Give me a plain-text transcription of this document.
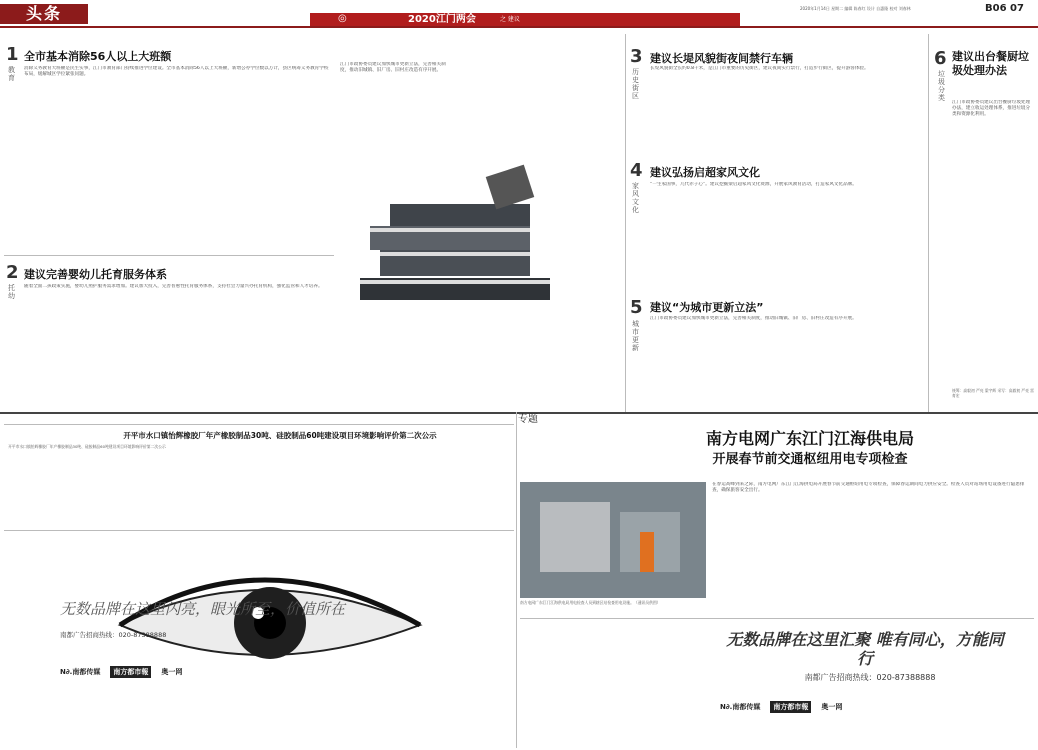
头条	2020年1月14日 星期二 编辑 陈春红 设计 自惠隆 校对 刘春林	B06 07
★ ◎	2020江门两会	之 建议
1
教育
全市基本消除56人以上大班额
消除义务教育大班额是民生实事，江门市教育部门持续推进学位建设。全市基本消除56人以上大班额，新增公办学位数以万计，县区统筹义务教育学校布局，缓解城区学位紧张问题。
2
托幼
建议完善婴幼儿托育服务体系
随着全面二孩政策实施，婴幼儿照护服务需求增加。建议加大投入，完善普惠性托育服务体系，支持社会力量兴办托育机构，强化监管和人才培养。
江门市政协委员建议加快城市更新立法，完善相关制度，推动旧城镇、旧厂房、旧村庄改造有序开展。
3
历史街区
建议长堤风貌街夜间禁行车辆
长堤风貌街全长约0.8千米，是江门市重要的历史街区，建议夜间实行禁行，打造步行街区，提升游客体验。
4
家风文化
建议弘扬启超家风文化
“一生家国事，几代赤子心”。建议挖掘梁启超家风文化资源，开展家风教育活动，打造家风文化品牌。
5
城市更新
建议“为城市更新立法”
江门市政协委员建议加快城市更新立法，完善相关制度，推动旧城镇、旧厂房、旧村庄改造有序开展。
6
垃圾分类
建议出台餐厨垃圾处理办法
江门市政协委员建议出台餐厨垃圾处理办法，建立收运处理体系，推进垃圾分类和资源化利用。
统筹：高毅初 严亮 梁宇辉 采写：高毅初 严亮 雷育宏
开平市水口镇怡辉橡胶厂年产橡胶制品30吨、硅胶制品60吨建设项目环境影响评价第二次公示
开平市水口镇怡辉橡胶厂年产橡胶制品30吨、硅胶制品60吨建设项目环境影响评价第二次公示
无数品牌在这里闪亮，眼光所至，价值所在
南都广告招商热线：020-87388888
N∂.南都传媒	南方都市報	奥一网
专题
南方电网广东江门江海供电局
开展春节前交通枢纽用电专项检查
南方电网广东江门江海供电局用电检查人员到辖区站检查用电设施。（通讯员供图）
在春运高峰到来之际，南方电网广东江门江海供电局开展春节前交通枢纽用电专项检查，保障春运期间电力供应安全。检查人员对站场用电设备进行隐患排查，确保旅客安全出行。
无数品牌在这里汇聚 唯有同心，方能同行
南都广告招商热线：020-87388888
N∂.南都传媒	南方都市報	奥一网
